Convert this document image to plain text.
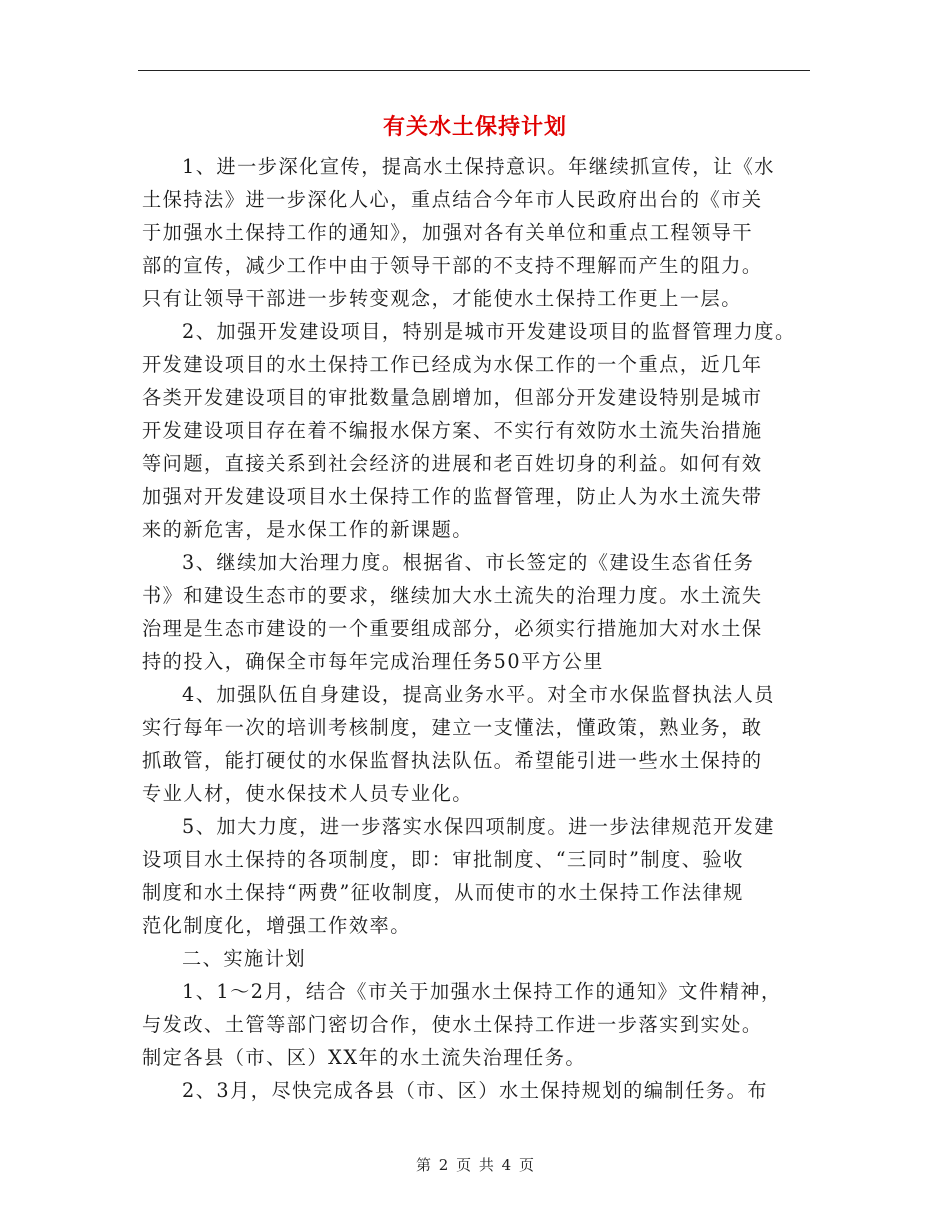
有关水土保持计划
1、进一步深化宣传，提高水土保持意识。年继续抓宣传，让《水
土保持法》进一步深化人心，重点结合今年市人民政府出台的《市关
于加强水土保持工作的通知》，加强对各有关单位和重点工程领导干
部的宣传，减少工作中由于领导干部的不支持不理解而产生的阻力。
只有让领导干部进一步转变观念，才能使水土保持工作更上一层。
2、加强开发建设项目，特别是城市开发建设项目的监督管理力度。
开发建设项目的水土保持工作已经成为水保工作的一个重点，近几年
各类开发建设项目的审批数量急剧增加，但部分开发建设特别是城市
开发建设项目存在着不编报水保方案、不实行有效防水土流失治措施
等问题，直接关系到社会经济的进展和老百姓切身的利益。如何有效
加强对开发建设项目水土保持工作的监督管理，防止人为水土流失带
来的新危害，是水保工作的新课题。
3、继续加大治理力度。根据省、市长签定的《建设生态省任务
书》和建设生态市的要求，继续加大水土流失的治理力度。水土流失
治理是生态市建设的一个重要组成部分，必须实行措施加大对水土保
持的投入，确保全市每年完成治理任务50平方公里
4、加强队伍自身建设，提高业务水平。对全市水保监督执法人员
实行每年一次的培训考核制度，建立一支懂法，懂政策，熟业务，敢
抓敢管，能打硬仗的水保监督执法队伍。希望能引进一些水土保持的
专业人材，使水保技术人员专业化。
5、加大力度，进一步落实水保四项制度。进一步法律规范开发建
设项目水土保持的各项制度，即：审批制度、“三同时”制度、验收
制度和水土保持“两费”征收制度，从而使市的水土保持工作法律规
范化制度化，增强工作效率。
二、实施计划
1、1～2月，结合《市关于加强水土保持工作的通知》文件精神，
与发改、土管等部门密切合作，使水土保持工作进一步落实到实处。
制定各县（市、区）XX年的水土流失治理任务。
2、3月，尽快完成各县（市、区）水土保持规划的编制任务。布
第 2 页 共 4 页
